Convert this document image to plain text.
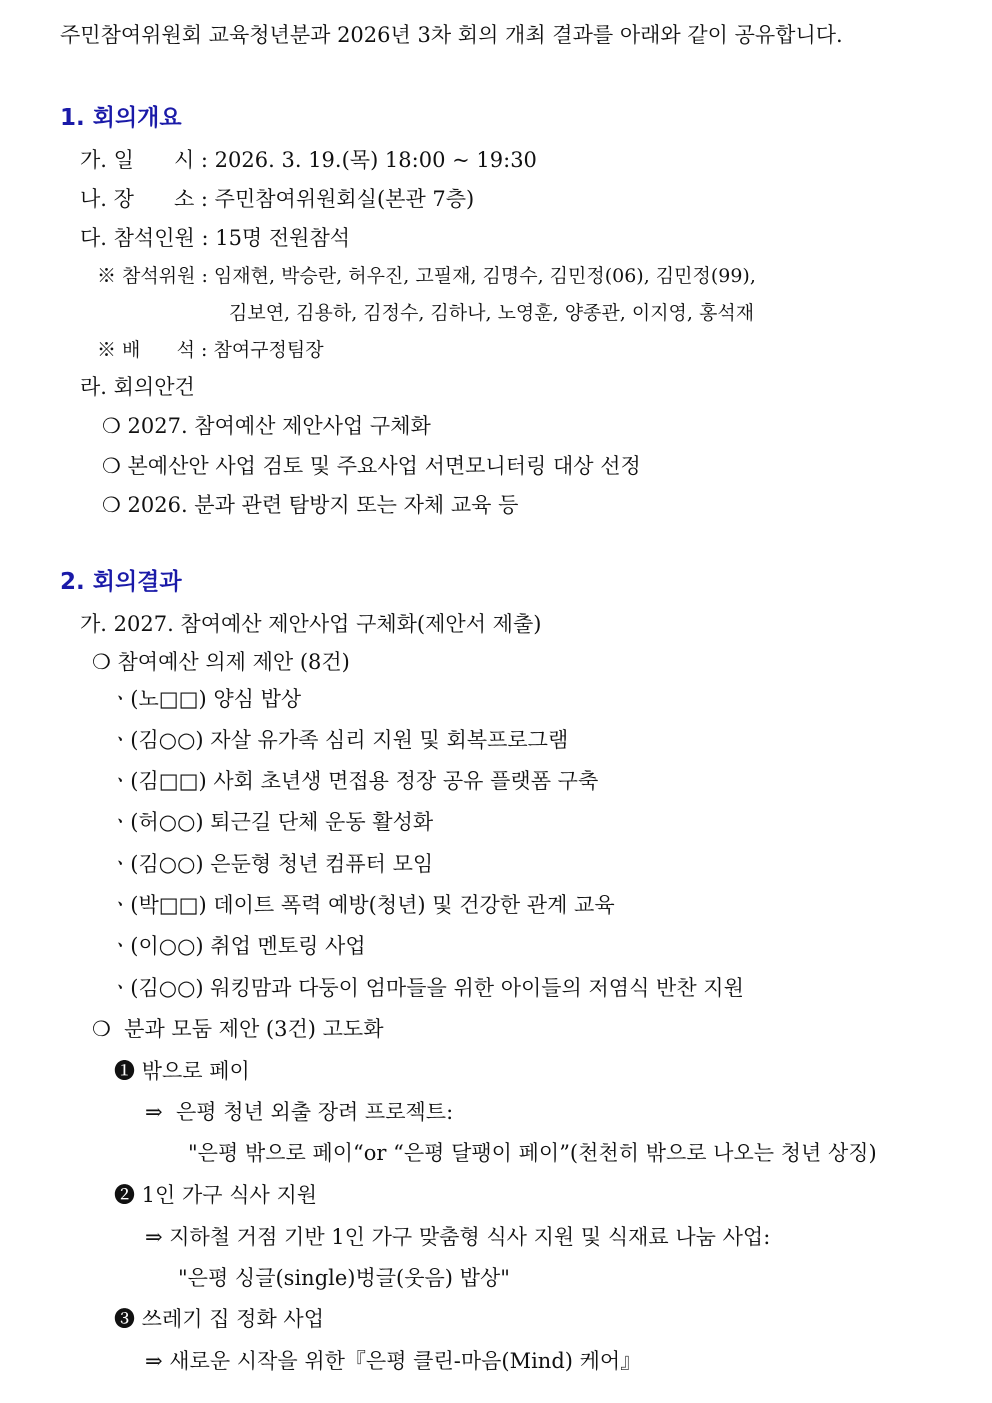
주민참여위원회 교육청년분과 2026년 3차 회의 개최 결과를 아래와 같이 공유합니다.
1. 회의개요
가. 일      시 : 2026. 3. 19.(목) 18:00 ~ 19:30
나. 장      소 : 주민참여위원회실(본관 7층)
다. 참석인원 : 15명 전원참석
※ 참석위원 : 임재현, 박승란, 허우진, 고필재, 김명수, 김민정(06), 김민정(99),
김보연, 김용하, 김정수, 김하나, 노영훈, 양종관, 이지영, 홍석재
※ 배      석 : 참여구정팀장
라. 회의안건
❍ 2027. 참여예산 제안사업 구체화
❍ 본예산안 사업 검토 및 주요사업 서면모니터링 대상 선정
❍ 2026. 분과 관련 탐방지 또는 자체 교육 등
2. 회의결과
가. 2027. 참여예산 제안사업 구체화(제안서 제출)
❍ 참여예산 의제 제안 (8건)
ㆍ(노□□) 양심 밥상
ㆍ(김○○) 자살 유가족 심리 지원 및 회복프로그램
ㆍ(김□□) 사회 초년생 면접용 정장 공유 플랫폼 구축
ㆍ(허○○) 퇴근길 단체 운동 활성화
ㆍ(김○○) 은둔형 청년 컴퓨터 모임
ㆍ(박□□) 데이트 폭력 예방(청년) 및 건강한 관계 교육
ㆍ(이○○) 취업 멘토링 사업
ㆍ(김○○) 워킹맘과 다둥이 엄마들을 위한 아이들의 저염식 반찬 지원
❍  분과 모둠 제안 (3건) 고도화
❶ 밖으로 페이
⇒  은평 청년 외출 장려 프로젝트:
"은평 밖으로 페이“or “은평 달팽이 페이”(천천히 밖으로 나오는 청년 상징)
❷ 1인 가구 식사 지원
⇒ 지하철 거점 기반 1인 가구 맞춤형 식사 지원 및 식재료 나눔 사업:
"은평 싱글(single)벙글(웃음) 밥상"
❸ 쓰레기 집 정화 사업
⇒ 새로운 시작을 위한『은평 클린-마음(Mind) 케어』
